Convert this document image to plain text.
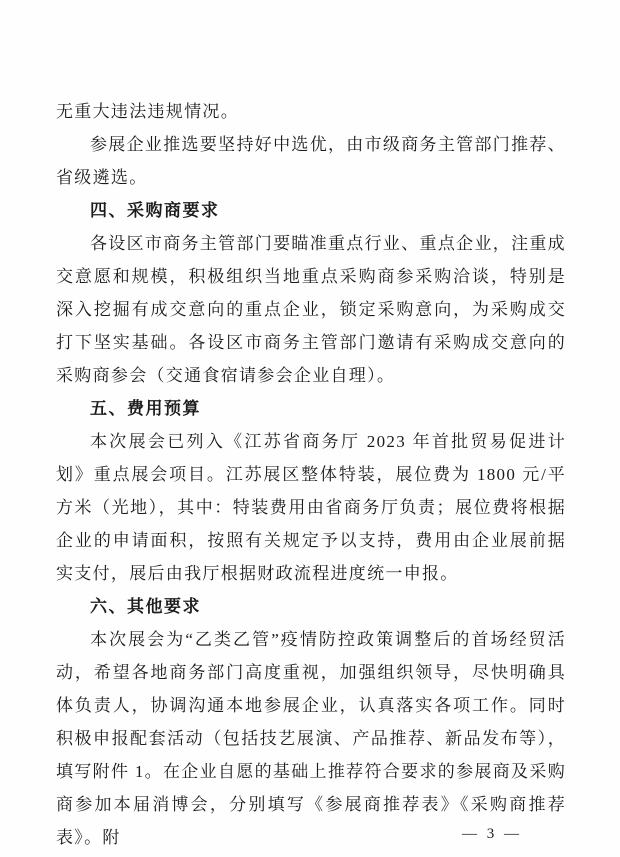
无重大违法违规情况。

参展企业推选要坚持好中选优，由市级商务主管部门推荐、省级遴选。

四、采购商要求

各设区市商务主管部门要瞄准重点行业、重点企业，注重成交意愿和规模，积极组织当地重点采购商参采购洽谈，特别是深入挖掘有成交意向的重点企业，锁定采购意向，为采购成交打下坚实基础。各设区市商务主管部门邀请有采购成交意向的采购商参会（交通食宿请参会企业自理）。

五、费用预算

本次展会已列入《江苏省商务厅 2023 年首批贸易促进计划》重点展会项目。江苏展区整体特装，展位费为 1800 元/平方米（光地），其中：特装费用由省商务厅负责；展位费将根据企业的申请面积，按照有关规定予以支持，费用由企业展前据实支付，展后由我厅根据财政流程进度统一申报。

六、其他要求

本次展会为“乙类乙管”疫情防控政策调整后的首场经贸活动，希望各地商务部门高度重视，加强组织领导，尽快明确具体负责人，协调沟通本地参展企业，认真落实各项工作。同时积极申报配套活动（包括技艺展演、产品推荐、新品发布等），填写附件 1。在企业自愿的基础上推荐符合要求的参展商及采购商参加本届消博会，分别填写《参展商推荐表》《采购商推荐表》。附	— 3 —
